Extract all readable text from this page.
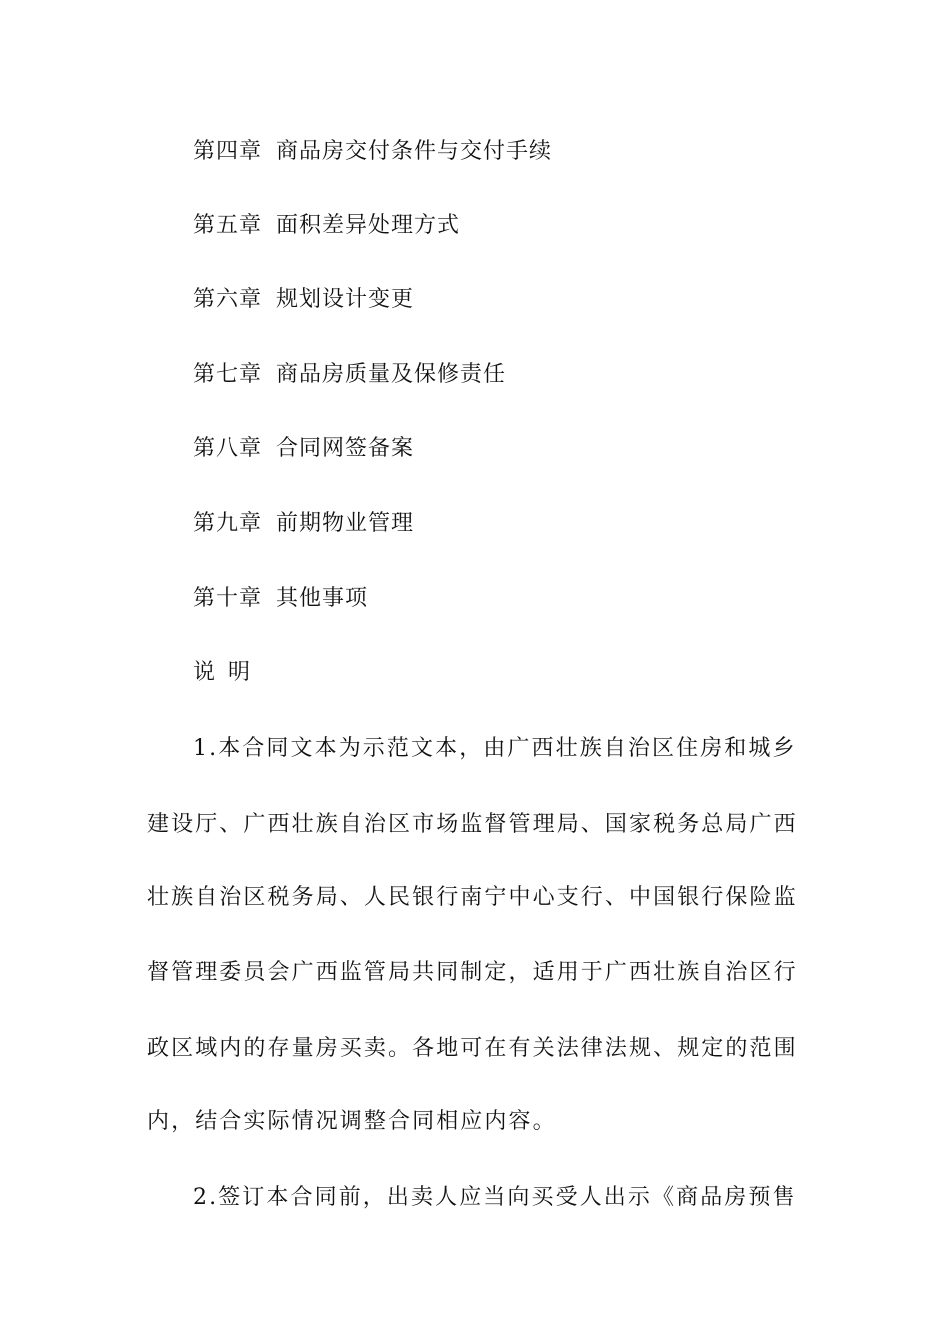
第四章 商品房交付条件与交付手续
第五章 面积差异处理方式
第六章 规划设计变更
第七章 商品房质量及保修责任
第八章 合同网签备案
第九章 前期物业管理
第十章 其他事项
说 明
1.本合同文本为示范文本，由广西壮族自治区住房和城乡
建设厅、广西壮族自治区市场监督管理局、国家税务总局广西
壮族自治区税务局、人民银行南宁中心支行、中国银行保险监
督管理委员会广西监管局共同制定，适用于广西壮族自治区行
政区域内的存量房买卖。各地可在有关法律法规、规定的范围
内，结合实际情况调整合同相应内容。
2.签订本合同前，出卖人应当向买受人出示《商品房预售
